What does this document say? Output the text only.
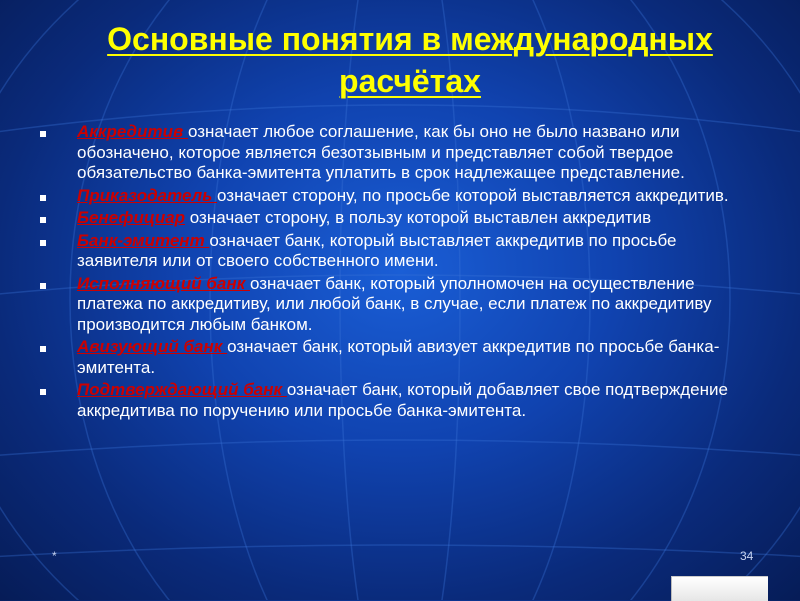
Основные понятия в международных расчётах
Аккредитив означает любое соглашение, как бы оно не было названо или обозначено, которое является безотзывным и представляет собой твердое обязательство банка-эмитента уплатить в срок надлежащее представление.
Приказодатель означает сторону, по просьбе которой выставляется аккредитив.
Бенефициар означает сторону, в пользу которой выставлен аккредитив
Банк-эмитент означает банк, который выставляет аккредитив по просьбе заявителя или от своего собственного имени.
Исполняющий банк означает банк, который уполномочен на осуществление платежа по аккредитиву, или любой банк, в случае, если платеж по аккредитиву производится любым банком.
Авизующий банк означает банк, который авизует аккредитив по просьбе банка-эмитента.
Подтверждающий банк означает банк, который добавляет свое подтверждение аккредитива по поручению или просьбе банка-эмитента.
*	34
